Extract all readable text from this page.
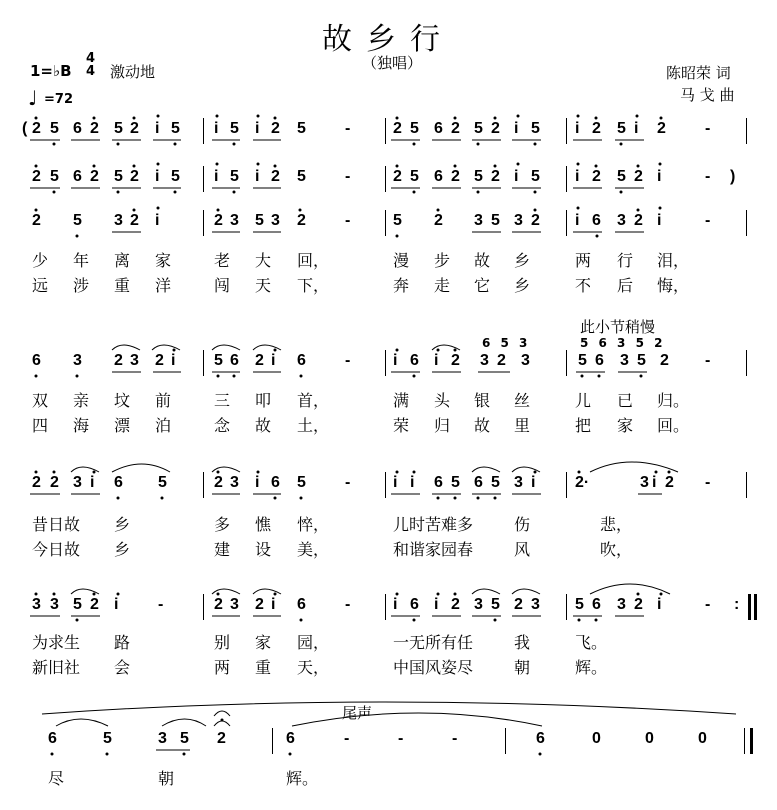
故乡行
（独唱）
1=♭B
4
4 激动地
♩ =72
陈昭荣 词
马 戈 曲
此小节稍慢
6 5 3	5 6 3 5 2
尾声
( 2 5 6 2 5 2 i 5 i 5 i 2 5 -	2 5 6 2 5 2 i 5 i 2 5 i 2 -
2 5 6 2 5 2 i 5 i 5 i 2 5 -	2 5 6 2 5 2 i 5 i 2 5 2 i	- )
2 5 3 2 i	2 3 5 3 2 -	5 2 3 5 3 2 i 6 3 2 i	-
6 3 2 3 2 i 5 6 2 i 6 -	i 6 i 2 3 2 3	5 6 3 5 2 -
2 2 3 i 6 5	2 3 i 6 5 -	i i 6 5 6 5 3 i 2·	3 i 2 -
3 3 5 2 i -	2 3 2 i 6 -	i 6 i 2 3 5 2 3 5 6 3 2 i	- :
6	5	3 5 2	6	-	-	-	6	0	0	0
少 年 离 家	老 大 回，	漫 步 故 乡	两 行 泪，
远 涉 重 洋	闯 天 下，	奔 走 它 乡	不 后 悔，
双 亲 坟 前	三 叩 首，	满 头 银 丝	儿 已 归。
四 海 漂 泊	念 故 土，	荣 归 故 里	把 家 回。
昔日故 乡	多 憔 悴，	儿时苦难多	伤	悲，
今日故 乡	建 设 美，	和谐家园春	风	吹，
为求生 路	别 家 园，	一无所有任	我	飞。
新旧社 会	两 重 天，	中国风姿尽	朝	辉。
尽	朝	辉。
